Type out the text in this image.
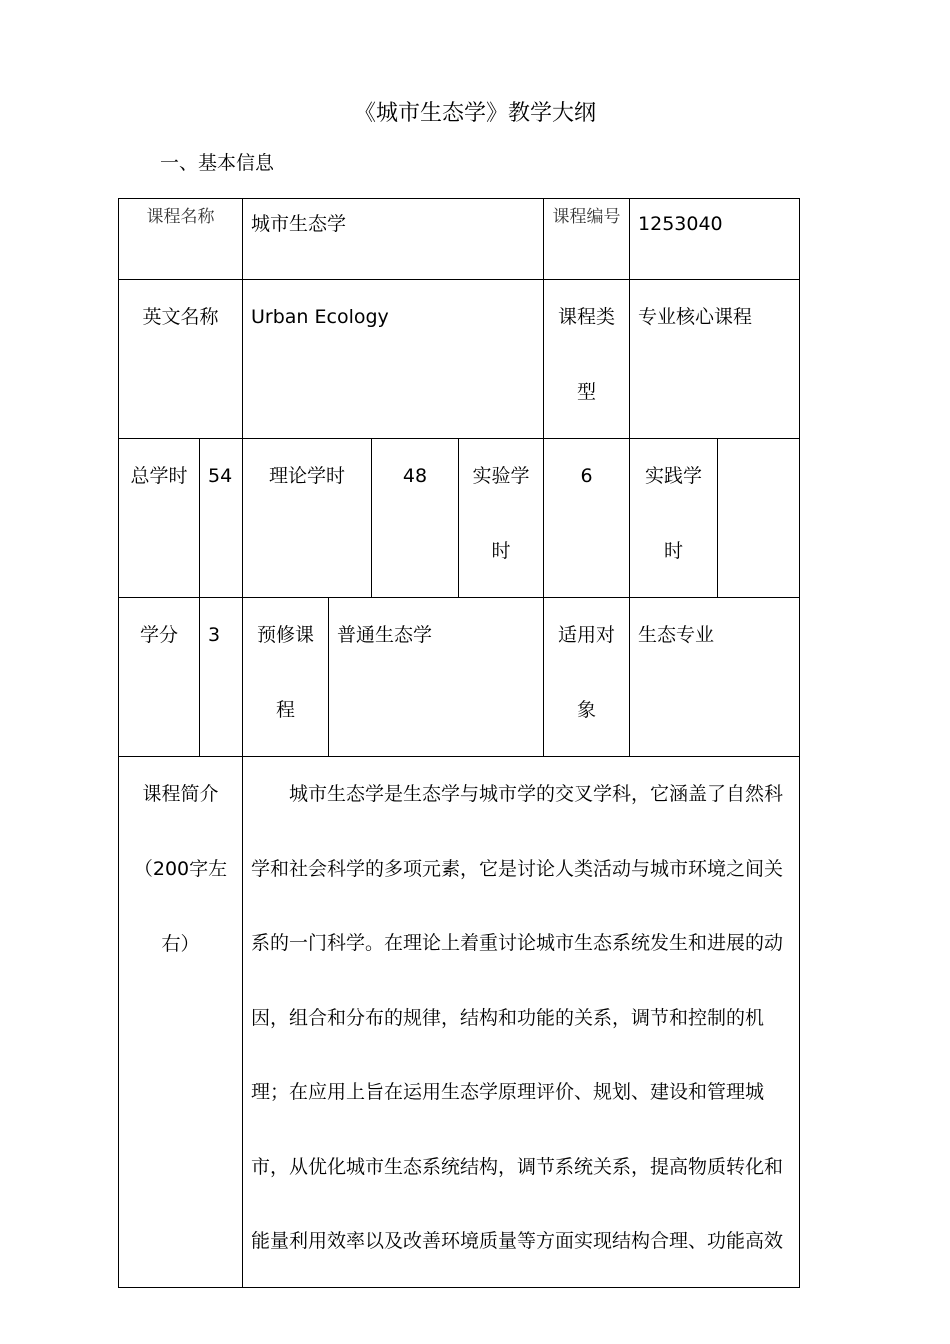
《城市生态学》教学大纲
一、基本信息
课程名称		城市生态学				课程编号	1253040	
英文名称		Urban Ecology				课程类型	专业核心课程	
总学时	54	理论学时		48	实验学时	6	实践学时	
学分	3	预修课程	普通生态学			适用对象	生态专业	
课程简介（200字左右）		城市生态学是生态学与城市学的交叉学科，它涵盖了自然科学和社会科学的多项元素，它是讨论人类活动与城市环境之间关系的一门科学。在理论上着重讨论城市生态系统发生和进展的动因，组合和分布的规律，结构和功能的关系，调节和控制的机理；在应用上旨在运用生态学原理评价、规划、建设和管理城市，从优化城市生态系统结构，调节系统关系，提高物质转化和能量利用效率以及改善环境质量等方面实现结构合理、功能高效						
